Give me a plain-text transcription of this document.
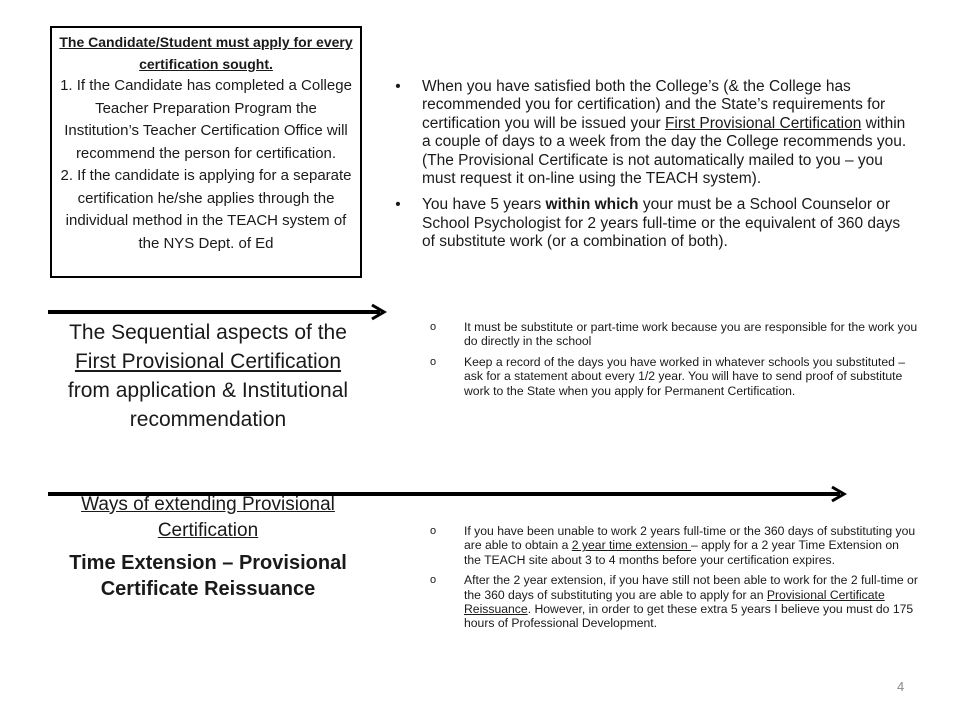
The Candidate/Student must apply for every certification sought.

1. If the Candidate has completed a College Teacher Preparation Program the Institution’s Teacher Certification Office will recommend the person for certification.

2. If the candidate is applying for a separate certification he/she applies through the individual method in the TEACH system of the NYS Dept. of Ed

The Sequential aspects of the First Provisional Certification from application & Institutional recommendation
Ways of extending Provisional Certification
Time Extension – Provisional Certificate Reissuance
•	When you have satisfied both the College’s (& the College has recommended you for certification) and the State’s requirements for certification you will be issued your First Provisional Certification within a couple of days to a week from the day the College recommends you. (The Provisional Certificate is not automatically mailed to you – you must request it on-line using the TEACH system).
•	You have 5 years within which your must be a School Counselor or School Psychologist for 2 years full-time or the equivalent of 360 days of substitute work (or a combination of both).
o It must be substitute or part-time work because you are responsible for the work you do directly in the school
o Keep a record of the days you have worked in whatever schools you substituted – ask for a statement about every 1/2 year. You will have to send proof of substitute work to the State when you apply for Permanent Certification.
o If you have been unable to work 2 years full-time or the 360 days of substituting you are able to obtain a 2 year time extension – apply for a 2 year Time Extension on the TEACH site about 3 to 4 months before your certification expires.
o After the 2 year extension, if you have still not been able to work for the 2 full-time or the 360 days of substituting you are able to apply for an Provisional Certificate Reissuance. However, in order to get these extra 5 years I believe you must do 175 hours of Professional Development.
4
